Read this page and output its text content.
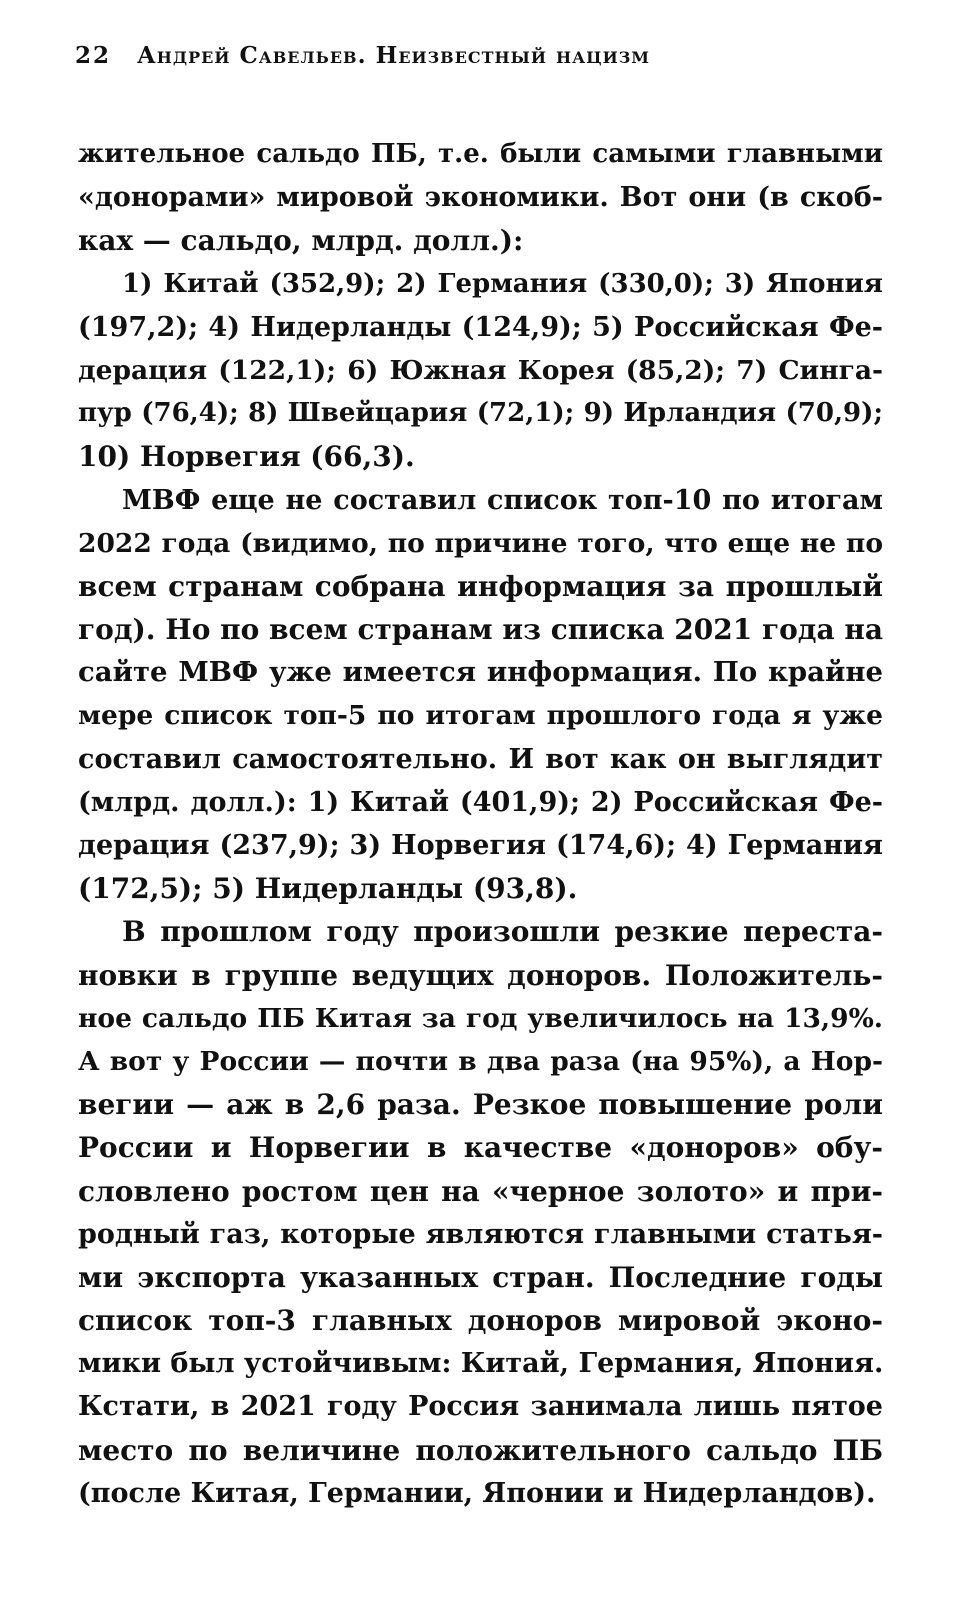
22 Андрей Савельев. Неизвестный нацизм
жительное сальдо ПБ, т.е. были самыми главными
«донорами» мировой экономики. Вот они (в скоб-
ках — сальдо, млрд. долл.):
1) Китай (352,9); 2) Германия (330,0); 3) Япония
(197,2); 4) Нидерланды (124,9); 5) Российская Фе-
дерация (122,1); 6) Южная Корея (85,2); 7) Синга-
пур (76,4); 8) Швейцария (72,1); 9) Ирландия (70,9);
10) Норвегия (66,3).
МВФ еще не составил список топ-10 по итогам
2022 года (видимо, по причине того, что еще не по
всем странам собрана информация за прошлый
год). Но по всем странам из списка 2021 года на
сайте МВФ уже имеется информация. По крайне
мере список топ-5 по итогам прошлого года я уже
составил самостоятельно. И вот как он выглядит
(млрд. долл.): 1) Китай (401,9); 2) Российская Фе-
дерация (237,9); 3) Норвегия (174,6); 4) Германия
(172,5); 5) Нидерланды (93,8).
В прошлом году произошли резкие переста-
новки в группе ведущих доноров. Положитель-
ное сальдо ПБ Китая за год увеличилось на 13,9%.
А вот у России — почти в два раза (на 95%), а Нор-
вегии — аж в 2,6 раза. Резкое повышение роли
России и Норвегии в качестве «доноров» обу-
словлено ростом цен на «черное золото» и при-
родный газ, которые являются главными статья-
ми экспорта указанных стран. Последние годы
список топ-3 главных доноров мировой эконо-
мики был устойчивым: Китай, Германия, Япония.
Кстати, в 2021 году Россия занимала лишь пятое
место по величине положительного сальдо ПБ
(после Китая, Германии, Японии и Нидерландов).
